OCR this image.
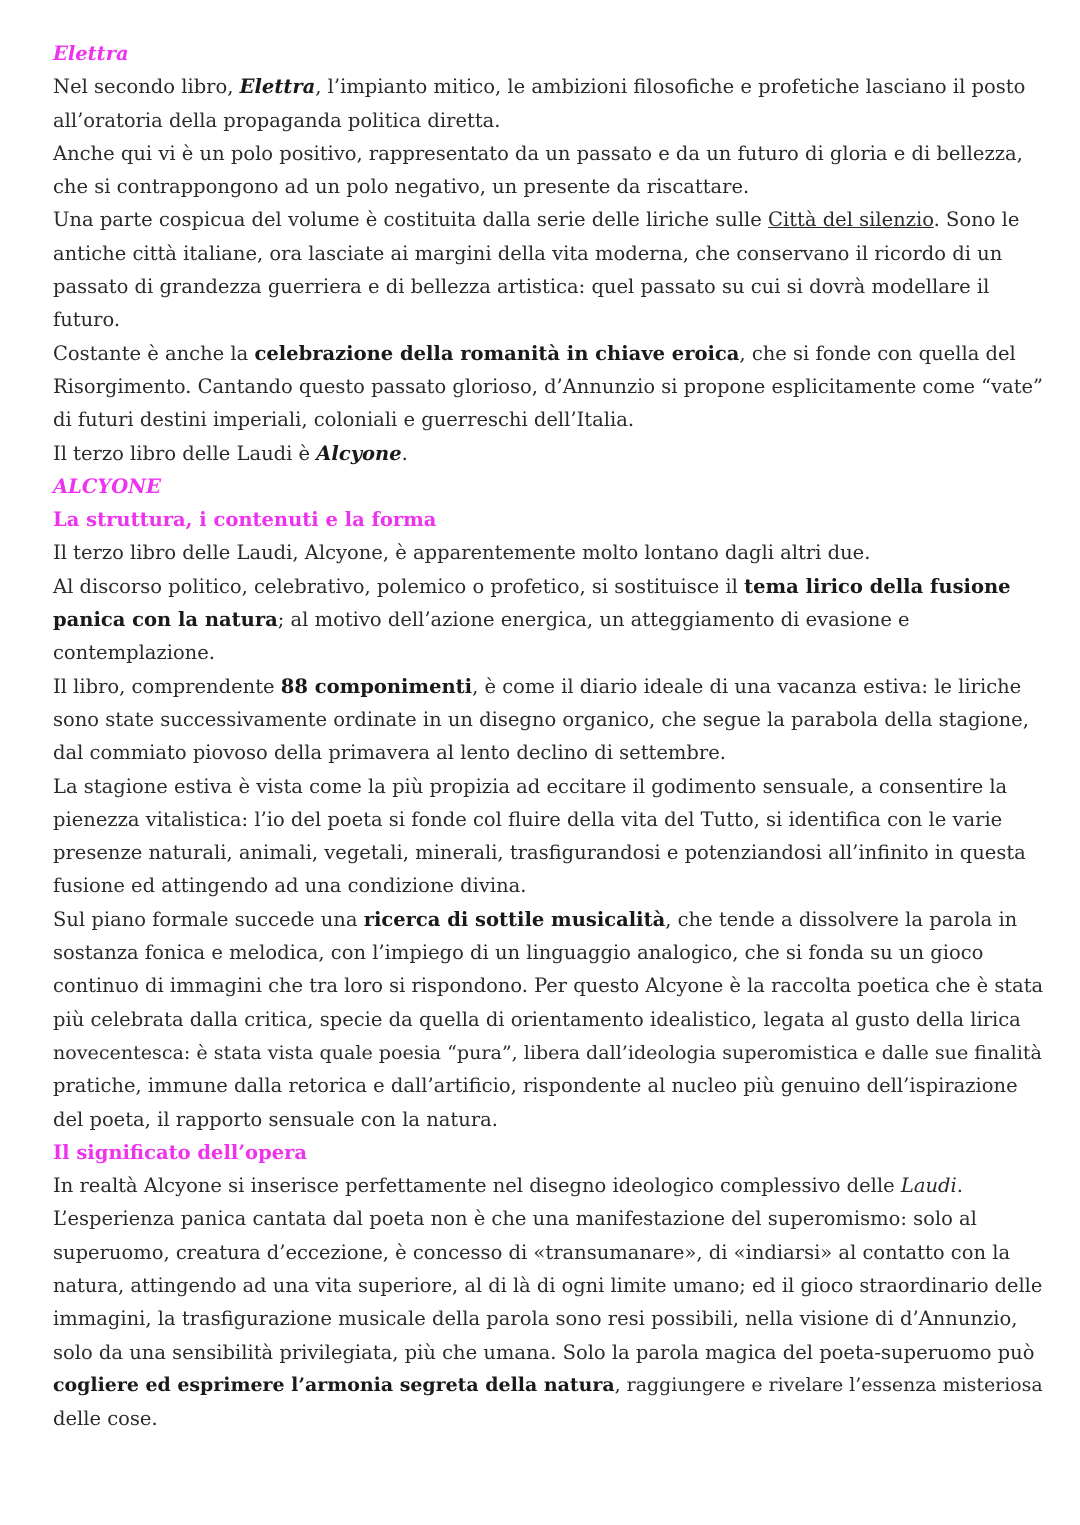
Elettra
Nel secondo libro, Elettra, l’impianto mitico, le ambizioni filosofiche e profetiche lasciano il posto
all’oratoria della propaganda politica diretta.
Anche qui vi è un polo positivo, rappresentato da un passato e da un futuro di gloria e di bellezza,
che si contrappongono ad un polo negativo, un presente da riscattare.
Una parte cospicua del volume è costituita dalla serie delle liriche sulle Città del silenzio. Sono le
antiche città italiane, ora lasciate ai margini della vita moderna, che conservano il ricordo di un
passato di grandezza guerriera e di bellezza artistica: quel passato su cui si dovrà modellare il
futuro.
Costante è anche la celebrazione della romanità in chiave eroica, che si fonde con quella del
Risorgimento. Cantando questo passato glorioso, d’Annunzio si propone esplicitamente come “vate”
di futuri destini imperiali, coloniali e guerreschi dell’Italia.
Il terzo libro delle Laudi è Alcyone.
ALCYONE
La struttura, i contenuti e la forma
Il terzo libro delle Laudi, Alcyone, è apparentemente molto lontano dagli altri due.
Al discorso politico, celebrativo, polemico o profetico, si sostituisce il tema lirico della fusione
panica con la natura; al motivo dell’azione energica, un atteggiamento di evasione e
contemplazione.
Il libro, comprendente 88 componimenti, è come il diario ideale di una vacanza estiva: le liriche
sono state successivamente ordinate in un disegno organico, che segue la parabola della stagione,
dal commiato piovoso della primavera al lento declino di settembre.
La stagione estiva è vista come la più propizia ad eccitare il godimento sensuale, a consentire la
pienezza vitalistica: l’io del poeta si fonde col fluire della vita del Tutto, si identifica con le varie
presenze naturali, animali, vegetali, minerali, trasfigurandosi e potenziandosi all’infinito in questa
fusione ed attingendo ad una condizione divina.
Sul piano formale succede una ricerca di sottile musicalità, che tende a dissolvere la parola in
sostanza fonica e melodica, con l’impiego di un linguaggio analogico, che si fonda su un gioco
continuo di immagini che tra loro si rispondono. Per questo Alcyone è la raccolta poetica che è stata
più celebrata dalla critica, specie da quella di orientamento idealistico, legata al gusto della lirica
novecentesca: è stata vista quale poesia “pura”, libera dall’ideologia superomistica e dalle sue finalità
pratiche, immune dalla retorica e dall’artificio, rispondente al nucleo più genuino dell’ispirazione
del poeta, il rapporto sensuale con la natura.
Il significato dell’opera
In realtà Alcyone si inserisce perfettamente nel disegno ideologico complessivo delle Laudi.
L’esperienza panica cantata dal poeta non è che una manifestazione del superomismo: solo al
superuomo, creatura d’eccezione, è concesso di «transumanare», di «indiarsi» al contatto con la
natura, attingendo ad una vita superiore, al di là di ogni limite umano; ed il gioco straordinario delle
immagini, la trasfigurazione musicale della parola sono resi possibili, nella visione di d’Annunzio,
solo da una sensibilità privilegiata, più che umana. Solo la parola magica del poeta-superuomo può
cogliere ed esprimere l’armonia segreta della natura, raggiungere e rivelare l’essenza misteriosa
delle cose.
